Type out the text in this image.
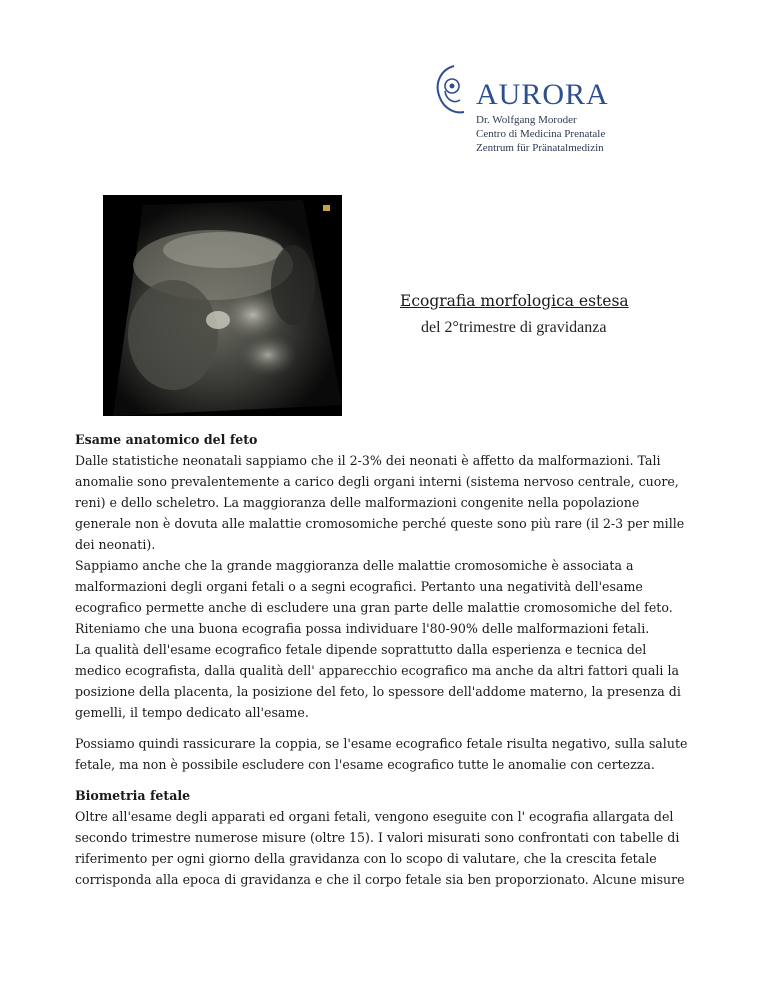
AURORA
Dr. Wolfgang Moroder
Centro di Medicina Prenatale
Zentrum für Pränatalmedizin
Ecografia morfologica estesa
del 2°trimestre di gravidanza
Esame anatomico del feto

Dalle statistiche neonatali sappiamo che il 2-3% dei neonati è affetto da malformazioni. Tali anomalie sono prevalentemente a carico degli organi interni (sistema nervoso centrale, cuore, reni) e dello scheletro. La maggioranza delle malformazioni congenite nella popolazione generale non è dovuta alle malattie cromosomiche perché queste sono più rare (il 2-3 per mille dei neonati).

Sappiamo anche che la grande maggioranza delle malattie cromosomiche è associata a malformazioni degli organi fetali o a segni ecografici. Pertanto una negatività dell'esame ecografico permette anche di escludere una gran parte delle malattie cromosomiche del feto.

Riteniamo che una buona ecografia possa individuare l'80-90% delle malformazioni fetali.

La qualità dell'esame ecografico fetale dipende soprattutto dalla esperienza e tecnica del medico ecografista, dalla qualità dell' apparecchio ecografico ma anche da altri fattori quali la posizione della placenta, la posizione del feto, lo spessore dell'addome materno, la presenza di gemelli, il tempo dedicato all'esame.

Possiamo quindi rassicurare la coppia, se l'esame ecografico fetale risulta negativo, sulla salute fetale, ma non è possibile escludere con l'esame ecografico tutte le anomalie con certezza.

Biometria fetale

Oltre all'esame degli apparati ed organi fetali, vengono eseguite con l' ecografia allargata del secondo trimestre numerose misure (oltre 15). I valori misurati sono confrontati con tabelle di riferimento per ogni giorno della gravidanza con lo scopo di valutare, che la crescita fetale corrisponda alla epoca di gravidanza e che il corpo fetale sia ben proporzionato. Alcune misure
